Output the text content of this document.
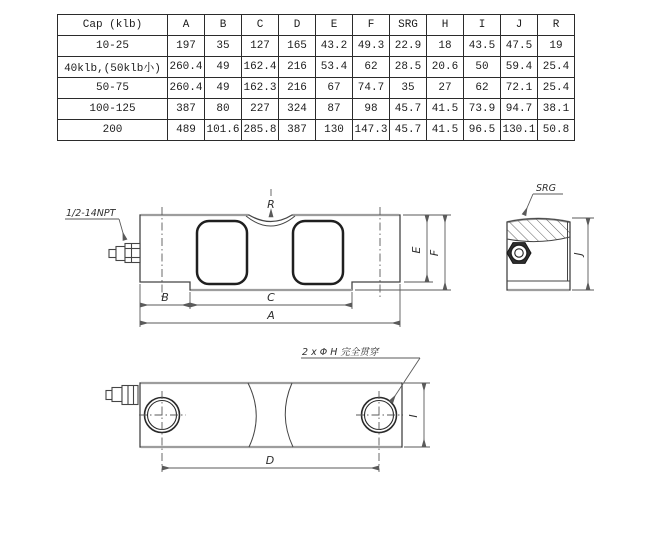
Cap (klb)	A	B	C	D	E	F	SRG	H	I	J	R
10-25	197	35	127	165	43.2	49.3	22.9	18	43.5	47.5	19
40klb,(50klb小)	260.4	49	162.4	216	53.4	62	28.5	20.6	50	59.4	25.4
50-75	260.4	49	162.3	216	67	74.7	35	27	62	72.1	25.4
100-125	387	80	227	324	87	98	45.7	41.5	73.9	94.7	38.1
200	489	101.6	285.8	387	130	147.3	45.7	41.5	96.5	130.1	50.8
1/2-14NPT
R
E F
B	C
A
SRG
J
2 x Φ H 完全贯穿
D
I
